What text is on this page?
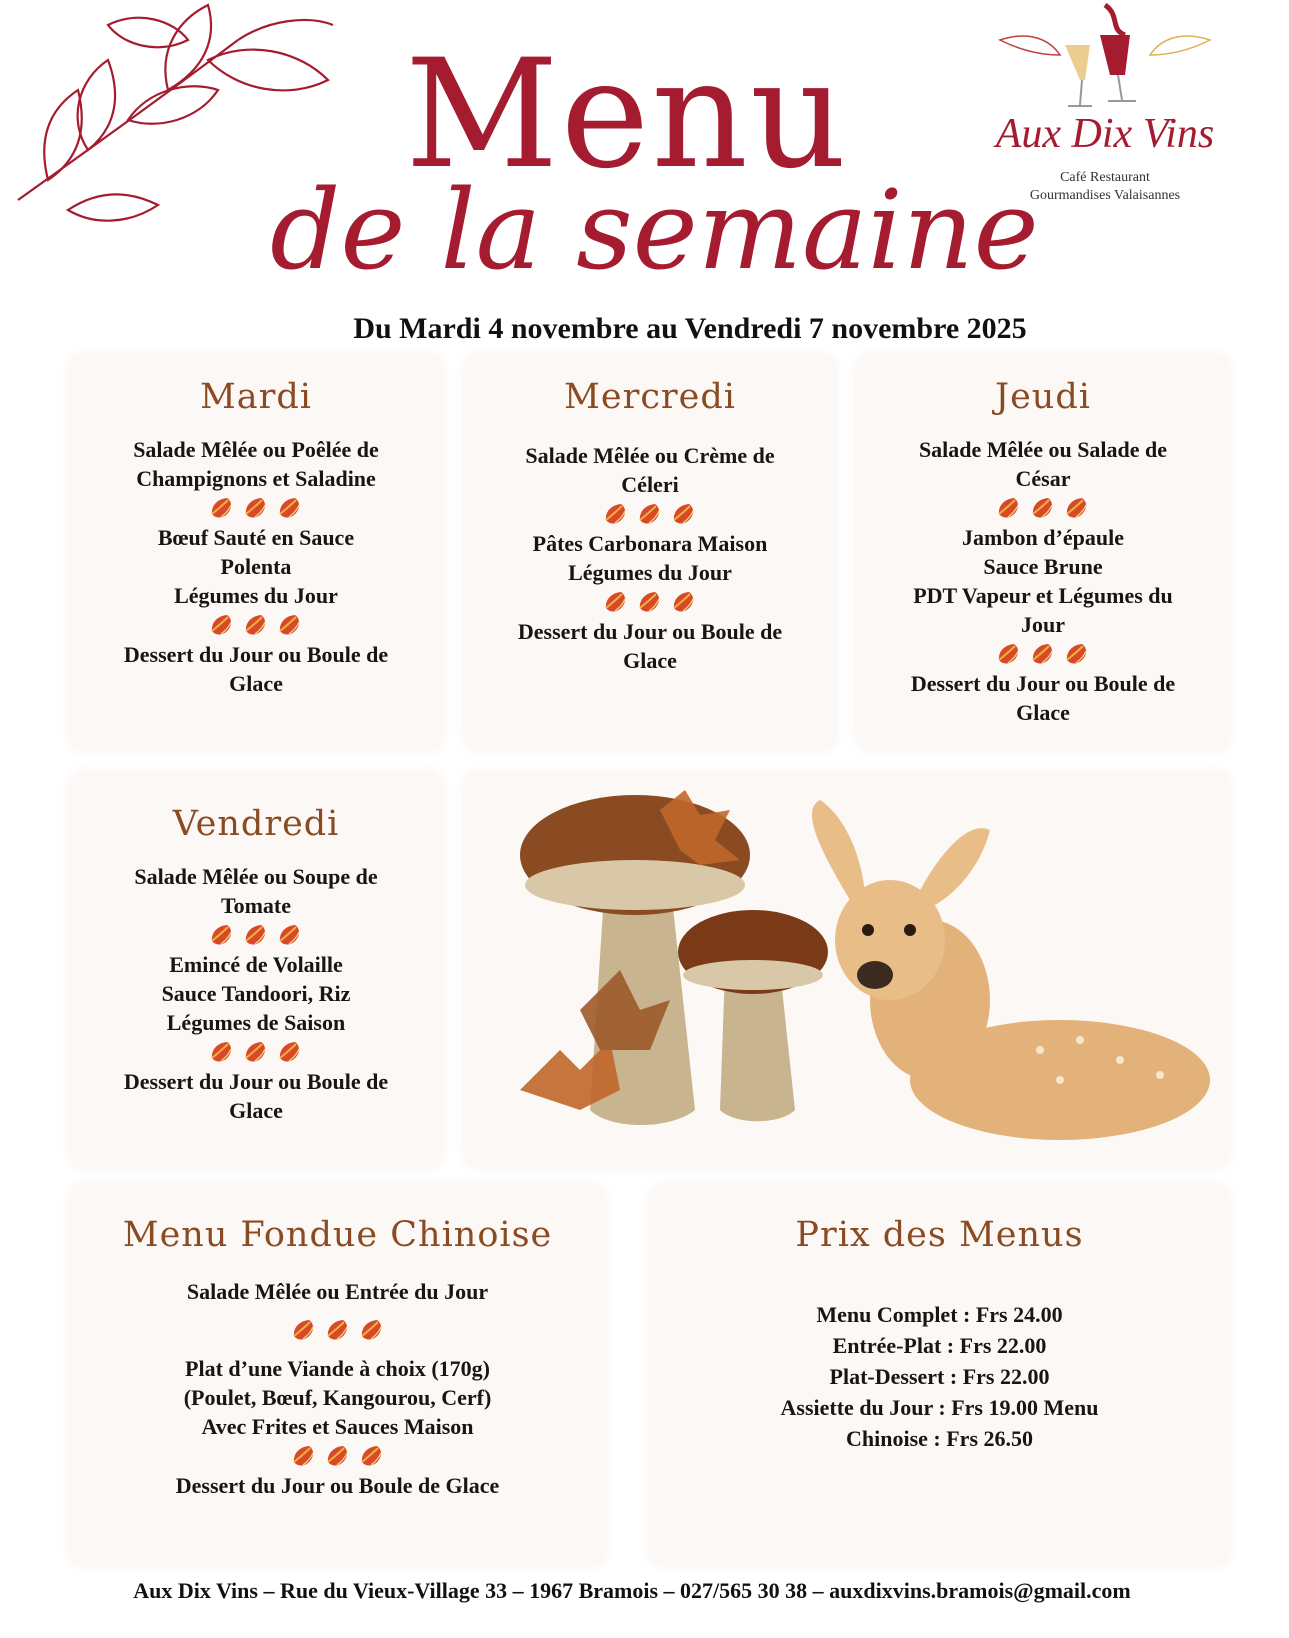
Menu
de la semaine
Aux Dix Vins
Café Restaurant
Gourmandises Valaisannes
Du Mardi 4 novembre au Vendredi 7 novembre 2025
Mardi
Salade Mêlée ou Poêlée de
Champignons et Saladine
Bœuf Sauté en Sauce
Polenta
Légumes du Jour
Dessert du Jour ou Boule de
Glace
Mercredi
Salade Mêlée ou Crème de
Céleri
Pâtes Carbonara Maison
Légumes du Jour
Dessert du Jour ou Boule de
Glace
Jeudi
Salade Mêlée ou Salade de
César
Jambon d’épaule
Sauce Brune
PDT Vapeur et Légumes du
Jour
Dessert du Jour ou Boule de
Glace
Vendredi
Salade Mêlée ou Soupe de
Tomate
Emincé de Volaille
Sauce Tandoori, Riz
Légumes de Saison
Dessert du Jour ou Boule de
Glace
Menu Fondue Chinoise
Salade Mêlée ou Entrée du Jour
Plat d’une Viande à choix (170g)
(Poulet, Bœuf, Kangourou, Cerf)
Avec Frites et Sauces Maison
Dessert du Jour ou Boule de Glace
Prix des Menus
Menu Complet : Frs 24.00
Entrée-Plat : Frs 22.00
Plat-Dessert : Frs 22.00
Assiette du Jour : Frs 19.00 Menu
Chinoise : Frs 26.50
Aux Dix Vins – Rue du Vieux-Village 33 – 1967 Bramois – 027/565 30 38 – auxdixvins.bramois@gmail.com
